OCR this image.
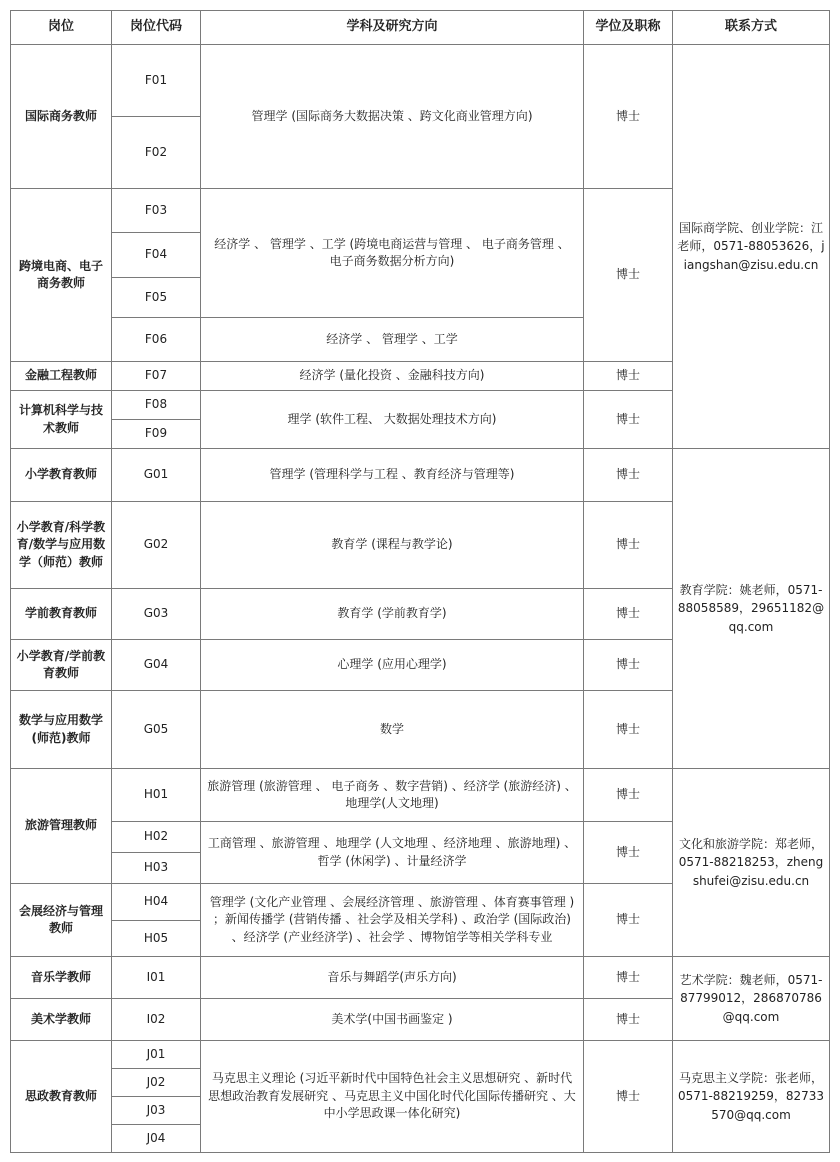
岗位	岗位代码	学科及研究方向	学位及职称	联系方式
国际商务教师	F01	管理学 (国际商务大数据决策 、跨文化商业管理方向)	博士	国际商学院、创业学院：江老师，0571-88053626，jiangshan@zisu.edu.cn
	F02			
跨境电商、电子商务教师	F03	经济学 、 管理学 、工学 (跨境电商运营与管理 、 电子商务管理 、 电子商务数据分析方向)	博士	
	F04			
	F05			
	F06	经济学 、 管理学 、工学		
金融工程教师	F07	经济学 (量化投资 、金融科技方向)	博士	
计算机科学与技术教师	F08	理学 (软件工程、 大数据处理技术方向)	博士	
	F09			
小学教育教师	G01	管理学 (管理科学与工程 、教育经济与管理等)	博士	教育学院：姚老师，0571-88058589，29651182@qq.com
小学教育/科学教育/数学与应用数学（师范）教师	G02	教育学 (课程与教学论)	博士	
学前教育教师	G03	教育学 (学前教育学)	博士	
小学教育/学前教育教师	G04	心理学 (应用心理学)	博士	
数学与应用数学(师范)教师	G05	数学	博士	
旅游管理教师	H01	旅游管理 (旅游管理 、 电子商务 、数字营销) 、经济学 (旅游经济) 、地理学(人文地理)	博士	文化和旅游学院：郑老师，0571-88218253，zhengshufei@zisu.edu.cn
	H02	工商管理 、旅游管理 、地理学 (人文地理 、经济地理 、旅游地理) 、哲学 (休闲学) 、计量经济学	博士	
	H03			
会展经济与管理教师	H04	管理学 (文化产业管理 、会展经济管理 、旅游管理 、体育赛事管理 ) ；新闻传播学 (营销传播 、社会学及相关学科) 、政治学 (国际政治) 、经济学 (产业经济学) 、社会学 、博物馆学等相关学科专业	博士	
	H05			
音乐学教师	I01	音乐与舞蹈学(声乐方向)	博士	艺术学院：魏老师，0571-87799012，286870786@qq.com
美术学教师	I02	美术学(中国书画鉴定 )	博士	
思政教育教师	J01	马克思主义理论 (习近平新时代中国特色社会主义思想研究 、新时代思想政治教育发展研究 、马克思主义中国化时代化国际传播研究 、大中小学思政课一体化研究)	博士	马克思主义学院：张老师，0571-88219259，82733570@qq.com
	J02			
	J03			
	J04			
